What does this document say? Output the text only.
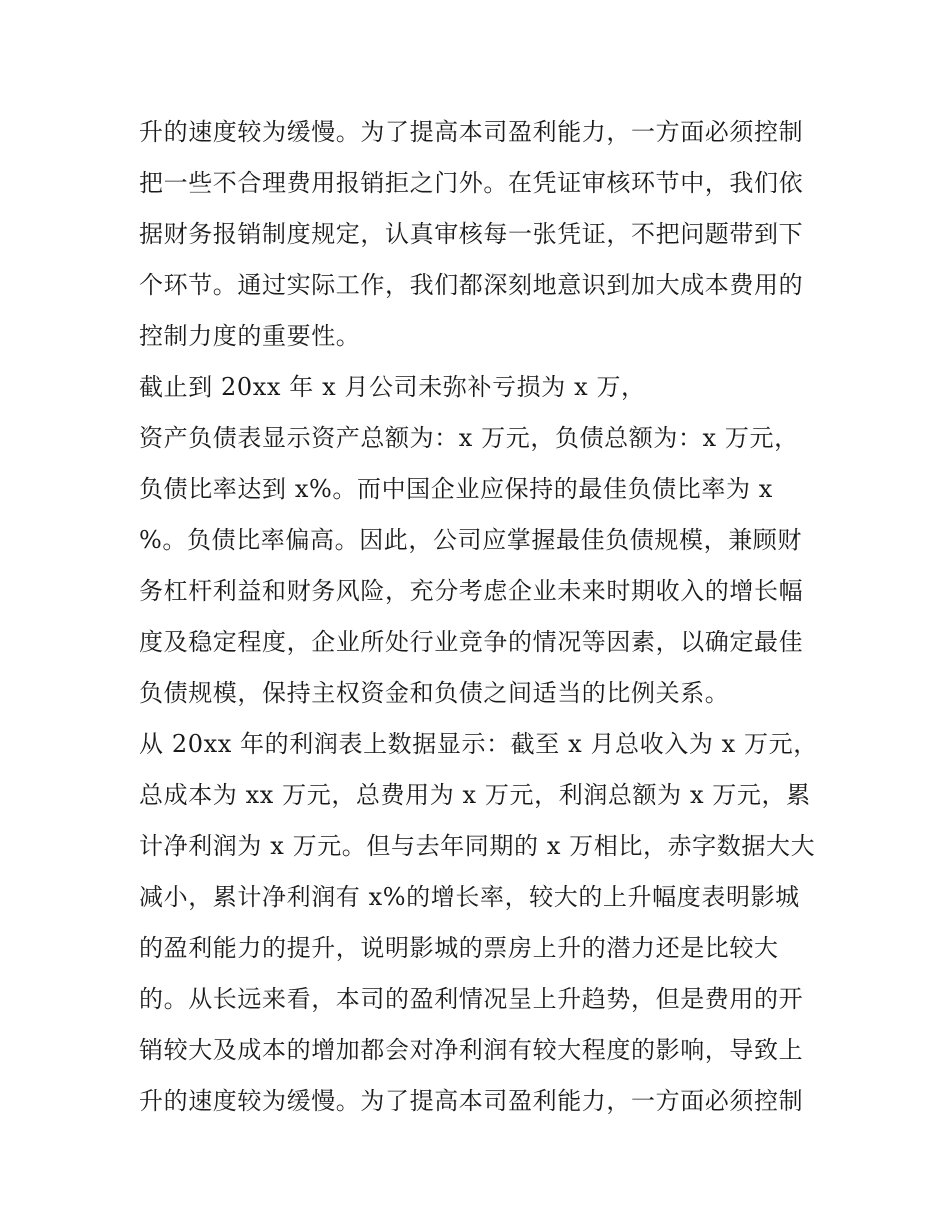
升的速度较为缓慢。为了提高本司盈利能力，一方面必须控制
把一些不合理费用报销拒之门外。在凭证审核环节中，我们依
据财务报销制度规定，认真审核每一张凭证，不把问题带到下
个环节。通过实际工作，我们都深刻地意识到加大成本费用的
控制力度的重要性。
截止到 20xx 年 x 月公司未弥补亏损为 x 万，
资产负债表显示资产总额为：x 万元，负债总额为：x 万元，
负债比率达到 x%。而中国企业应保持的最佳负债比率为 x
%。负债比率偏高。因此，公司应掌握最佳负债规模，兼顾财
务杠杆利益和财务风险，充分考虑企业未来时期收入的增长幅
度及稳定程度，企业所处行业竞争的情况等因素，以确定最佳
负债规模，保持主权资金和负债之间适当的比例关系。
从 20xx 年的利润表上数据显示：截至 x 月总收入为 x 万元，
总成本为 xx 万元，总费用为 x 万元，利润总额为 x 万元，累
计净利润为 x 万元。但与去年同期的 x 万相比，赤字数据大大
减小，累计净利润有 x%的增长率，较大的上升幅度表明影城
的盈利能力的提升，说明影城的票房上升的潜力还是比较大
的。从长远来看，本司的盈利情况呈上升趋势，但是费用的开
销较大及成本的增加都会对净利润有较大程度的影响，导致上
升的速度较为缓慢。为了提高本司盈利能力，一方面必须控制
